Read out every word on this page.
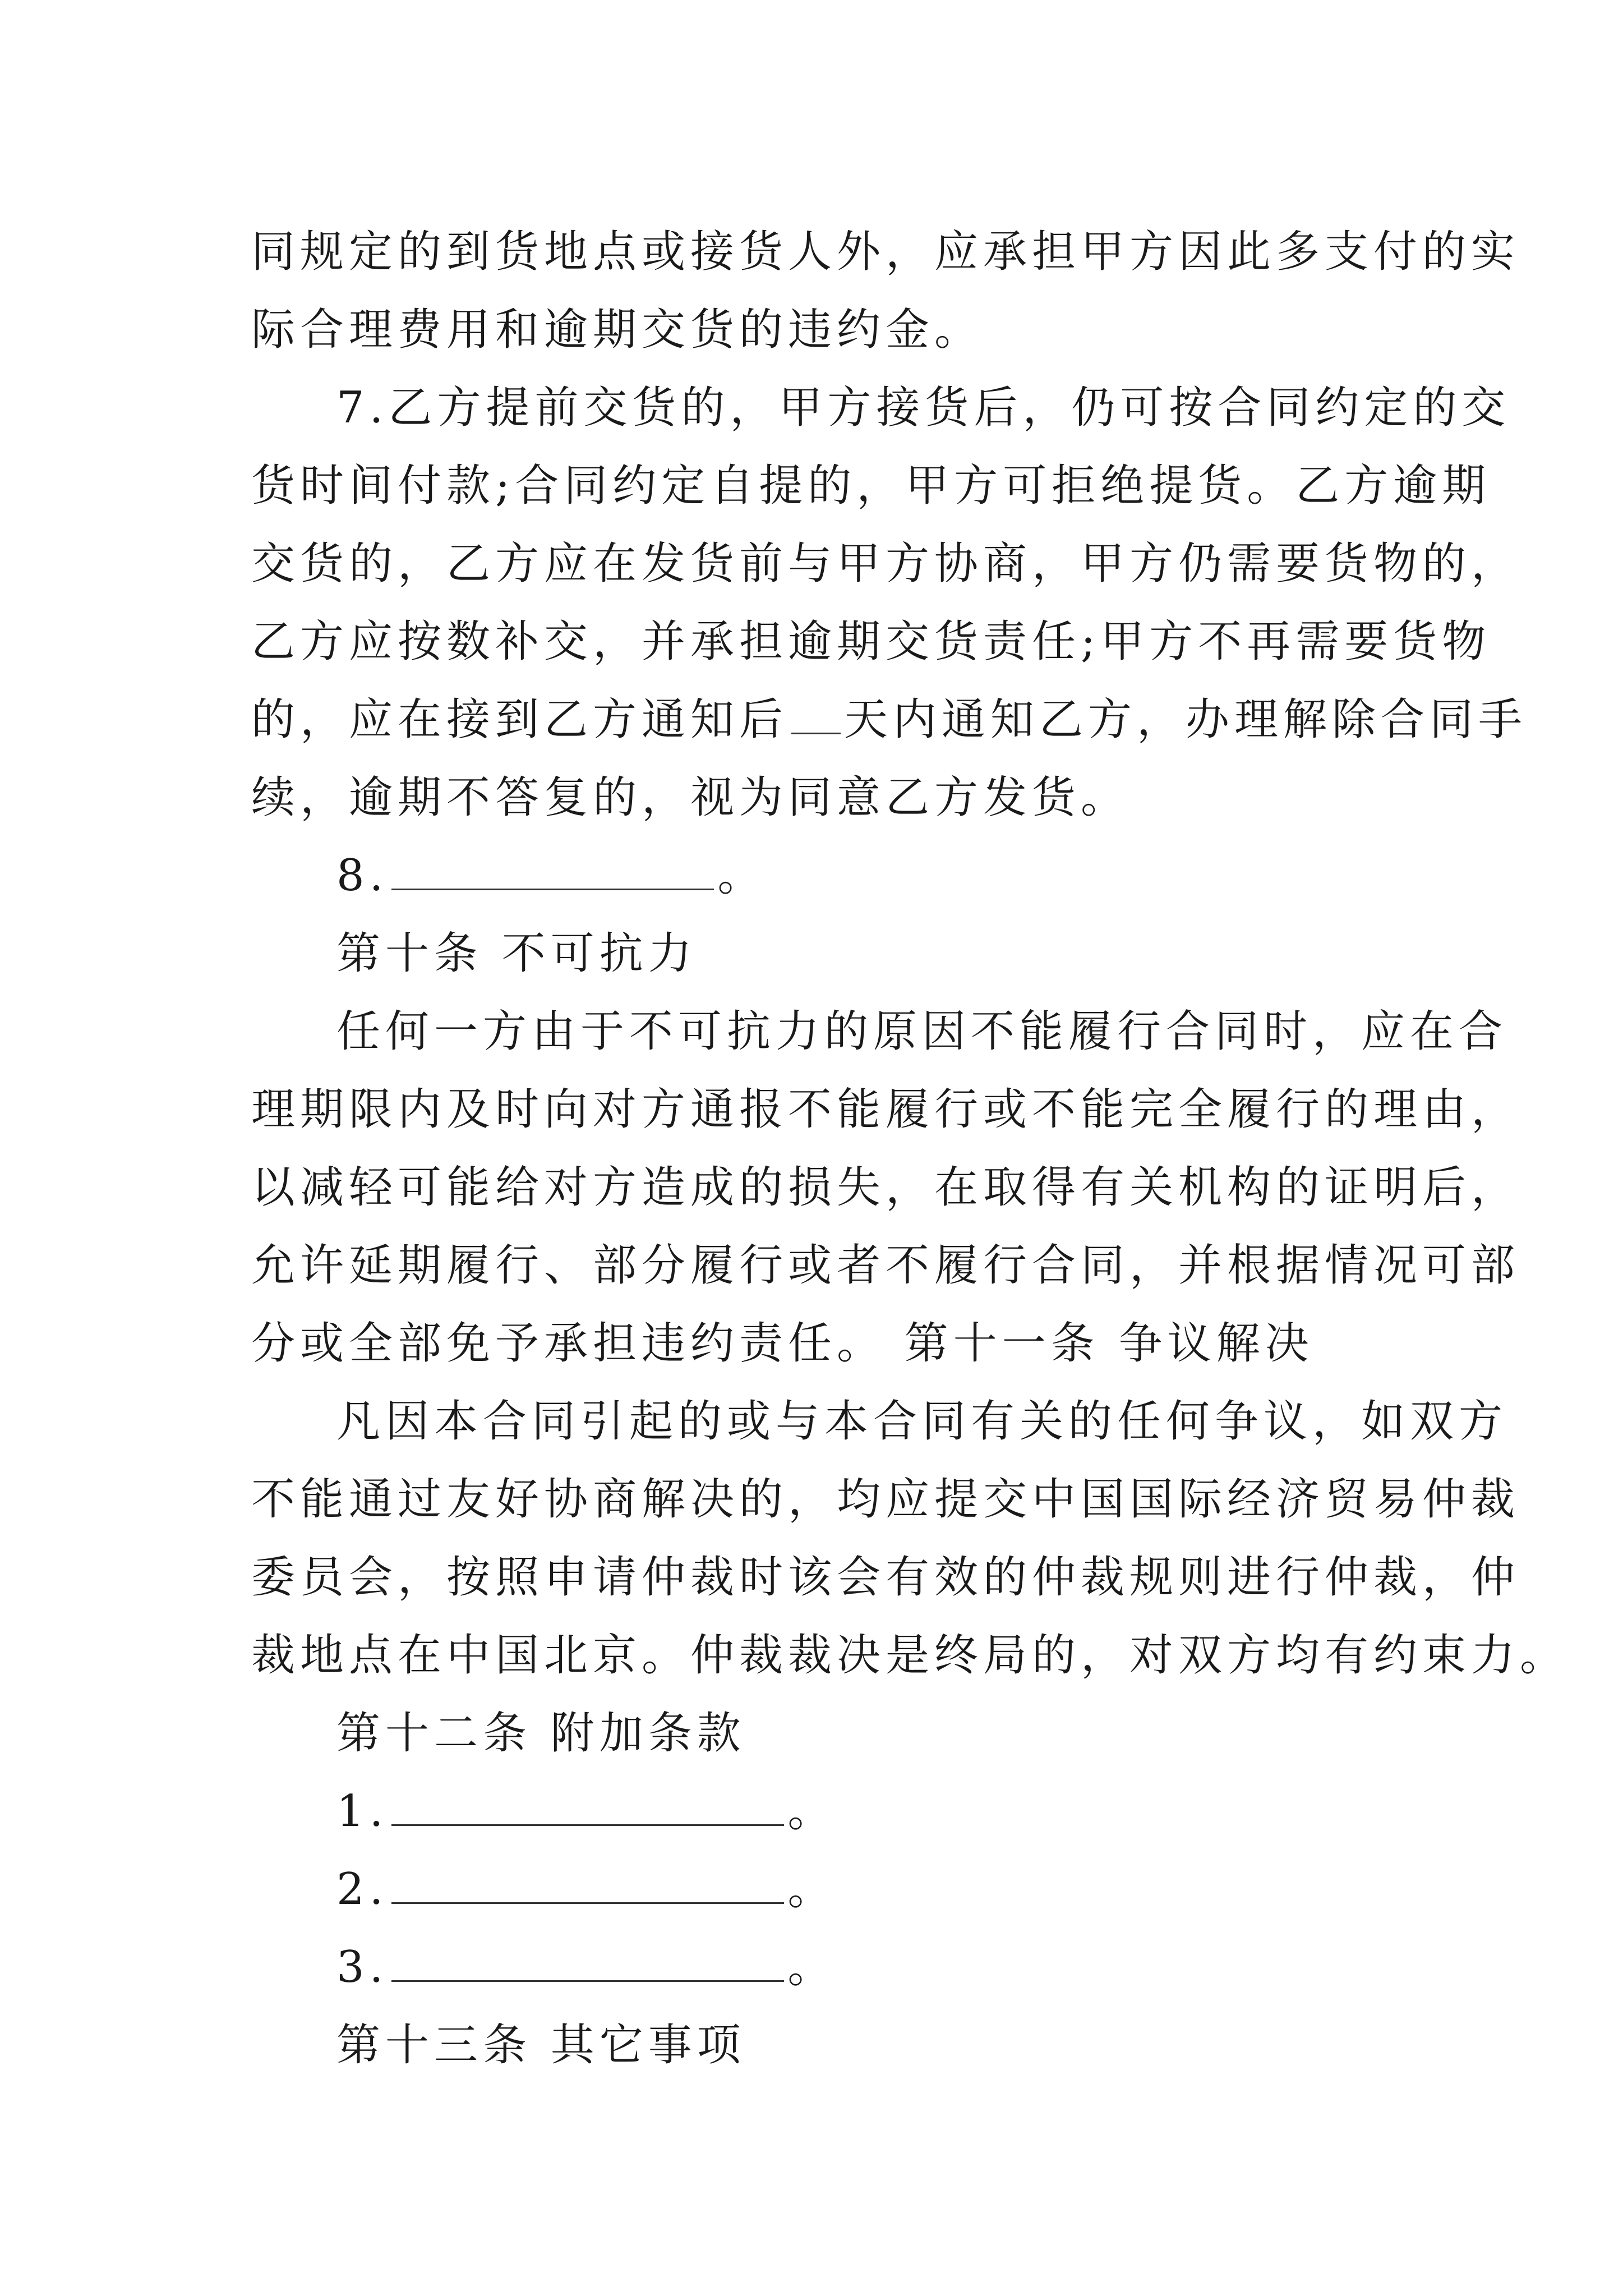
同规定的到货地点或接货人外，应承担甲方因此多支付的实
际合理费用和逾期交货的违约金。

7.乙方提前交货的，甲方接货后，仍可按合同约定的交
货时间付款;合同约定自提的，甲方可拒绝提货。乙方逾期
交货的，乙方应在发货前与甲方协商，甲方仍需要货物的，
乙方应按数补交，并承担逾期交货责任;甲方不再需要货物
的，应在接到乙方通知后 天内通知乙方，办理解除合同手
续，逾期不答复的，视为同意乙方发货。

8.	。

第十条 不可抗力

任何一方由于不可抗力的原因不能履行合同时，应在合
理期限内及时向对方通报不能履行或不能完全履行的理由，
以减轻可能给对方造成的损失，在取得有关机构的证明后，
允许延期履行、部分履行或者不履行合同，并根据情况可部
分或全部免予承担违约责任。 第十一条 争议解决

凡因本合同引起的或与本合同有关的任何争议，如双方
不能通过友好协商解决的，均应提交中国国际经济贸易仲裁
委员会，按照申请仲裁时该会有效的仲裁规则进行仲裁，仲
裁地点在中国北京。仲裁裁决是终局的，对双方均有约束力。

第十二条 附加条款

1.	。
2.	。
3.	。

第十三条 其它事项
